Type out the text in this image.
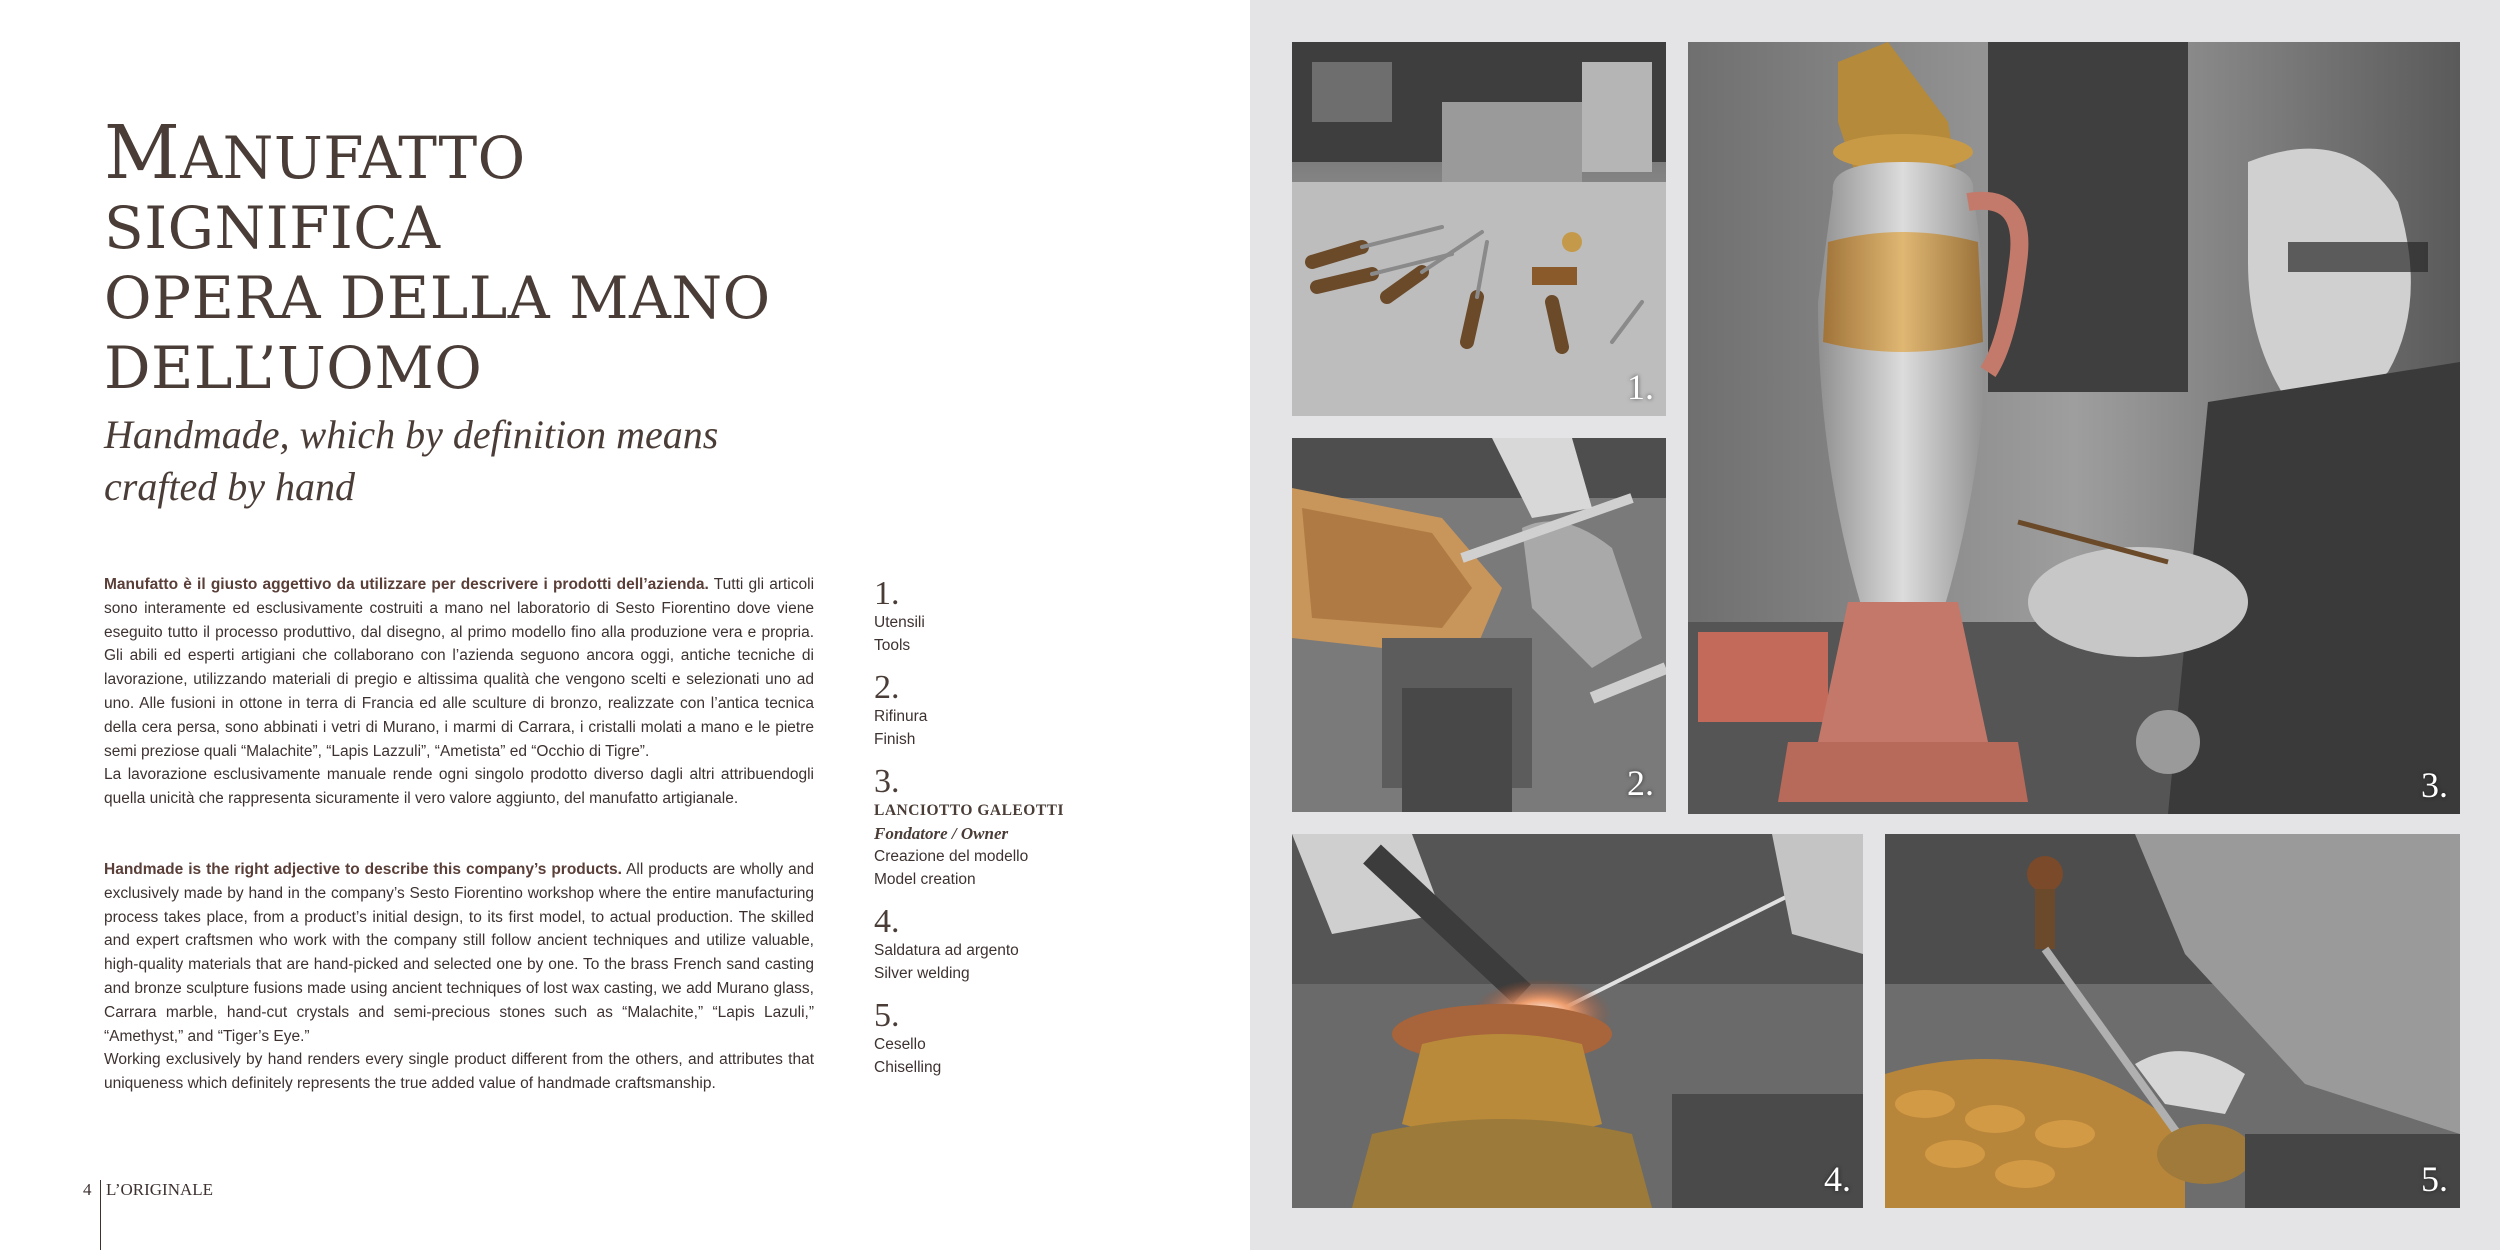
MANUFATTO SIGNIFICA
OPERA DELLA MANO
DELL’UOMO
Handmade, which by definition means
crafted by hand

Manufatto è il giusto aggettivo da utilizzare per descrivere i prodotti dell’azienda. Tutti gli articoli sono interamente ed esclusivamente costruiti a mano nel laboratorio di Sesto Fiorentino dove viene eseguito tutto il processo produttivo, dal disegno, al primo modello fino alla produzione vera e propria. Gli abili ed esperti artigiani che collaborano con l’azienda seguono ancora oggi, antiche tecniche di lavorazione, utilizzando materiali di pregio e altissima qualità che vengono scelti e selezionati uno ad uno. Alle fusioni in ottone in terra di Francia ed alle sculture di bronzo, realizzate con l’antica tecnica della cera persa, sono abbinati i vetri di Murano, i marmi di Carrara, i cristalli molati a mano e le pietre semi preziose quali “Malachite”, “Lapis Lazzuli”, “Ametista” ed “Occhio di Tigre”.

La lavorazione esclusivamente manuale rende ogni singolo prodotto diverso dagli altri attribuendogli quella unicità che rappresenta sicuramente il vero valore aggiunto, del manufatto artigianale.

Handmade is the right adjective to describe this company’s products. All products are wholly and exclusively made by hand in the company’s Sesto Fiorentino workshop where the entire manufacturing process takes place, from a product’s initial design, to its first model, to actual production. The skilled and expert craftsmen who work with the company still follow ancient techniques and utilize valuable, high-quality materials that are hand-picked and selected one by one. To the brass French sand casting and bronze sculpture fusions made using ancient techniques of lost wax casting, we add Murano glass, Carrara marble, hand-cut crystals and semi-precious stones such as “Malachite,” “Lapis Lazuli,” “Amethyst,” and “Tiger’s Eye.”

Working exclusively by hand renders every single product different from the others, and attributes that uniqueness which definitely represents the true added value of handmade craftsmanship.

1.
Utensili
Tools
2.
Rifinura
Finish
3.
LANCIOTTO GALEOTTI
Fondatore / Owner
Creazione del modello
Model creation
4.
Saldatura ad argento
Silver welding
5.
Cesello
Chiselling
4 L’ORIGINALE
1.
2.	3.
4.	5.
